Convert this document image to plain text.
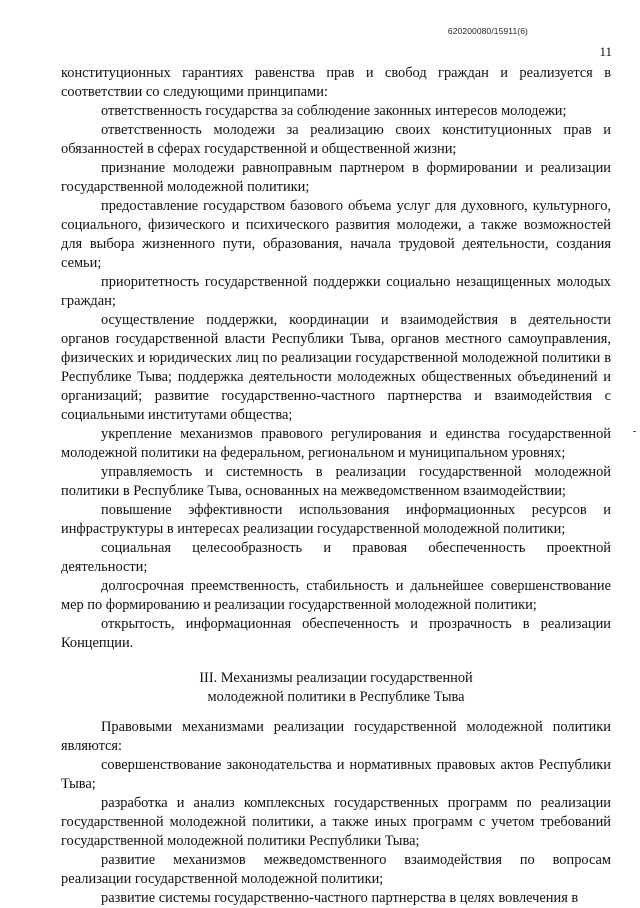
620200080/15911(6)
11

конституционных гарантиях равенства прав и свобод граждан и реализуется в соответствии со следующими принципами:

ответственность государства за соблюдение законных интересов молодежи;

ответственность молодежи за реализацию своих конституционных прав и обязанностей в сферах государственной и общественной жизни;

признание молодежи равноправным партнером в формировании и реализации государственной молодежной политики;

предоставление государством базового объема услуг для духовного, культурного, социального, физического и психического развития молодежи, а также возможностей для выбора жизненного пути, образования, начала трудовой деятельности, создания семьи;

приоритетность государственной поддержки социально незащищенных молодых граждан;

осуществление поддержки, координации и взаимодействия в деятельности органов государственной власти Республики Тыва, органов местного самоуправления, физических и юридических лиц по реализации государственной молодежной политики в Республике Тыва; поддержка деятельности молодежных общественных объединений и организаций; развитие государственно-частного партнерства и взаимодействия с социальными институтами общества;

укрепление механизмов правового регулирования и единства государственной молодежной политики на федеральном, региональном и муниципальном уровнях;

управляемость и системность в реализации государственной молодежной политики в Республике Тыва, основанных на межведомственном взаимодействии;

повышение эффективности использования информационных ресурсов и инфраструктуры в интересах реализации государственной молодежной политики;

социальная целесообразность и правовая обеспеченность проектной деятельности;

долгосрочная преемственность, стабильность и дальнейшее совершенствование мер по формированию и реализации государственной молодежной политики;

открытость, информационная обеспеченность и прозрачность в реализации Концепции.

III. Механизмы реализации государственной
молодежной политики в Республике Тыва

Правовыми механизмами реализации государственной молодежной политики являются:

совершенствование законодательства и нормативных правовых актов Республики Тыва;

разработка и анализ комплексных государственных программ по реализации государственной молодежной политики, а также иных программ с учетом требований государственной молодежной политики Республики Тыва;

развитие механизмов межведомственного взаимодействия по вопросам реализации государственной молодежной политики;

развитие системы государственно-частного партнерства в целях вовлечения в
